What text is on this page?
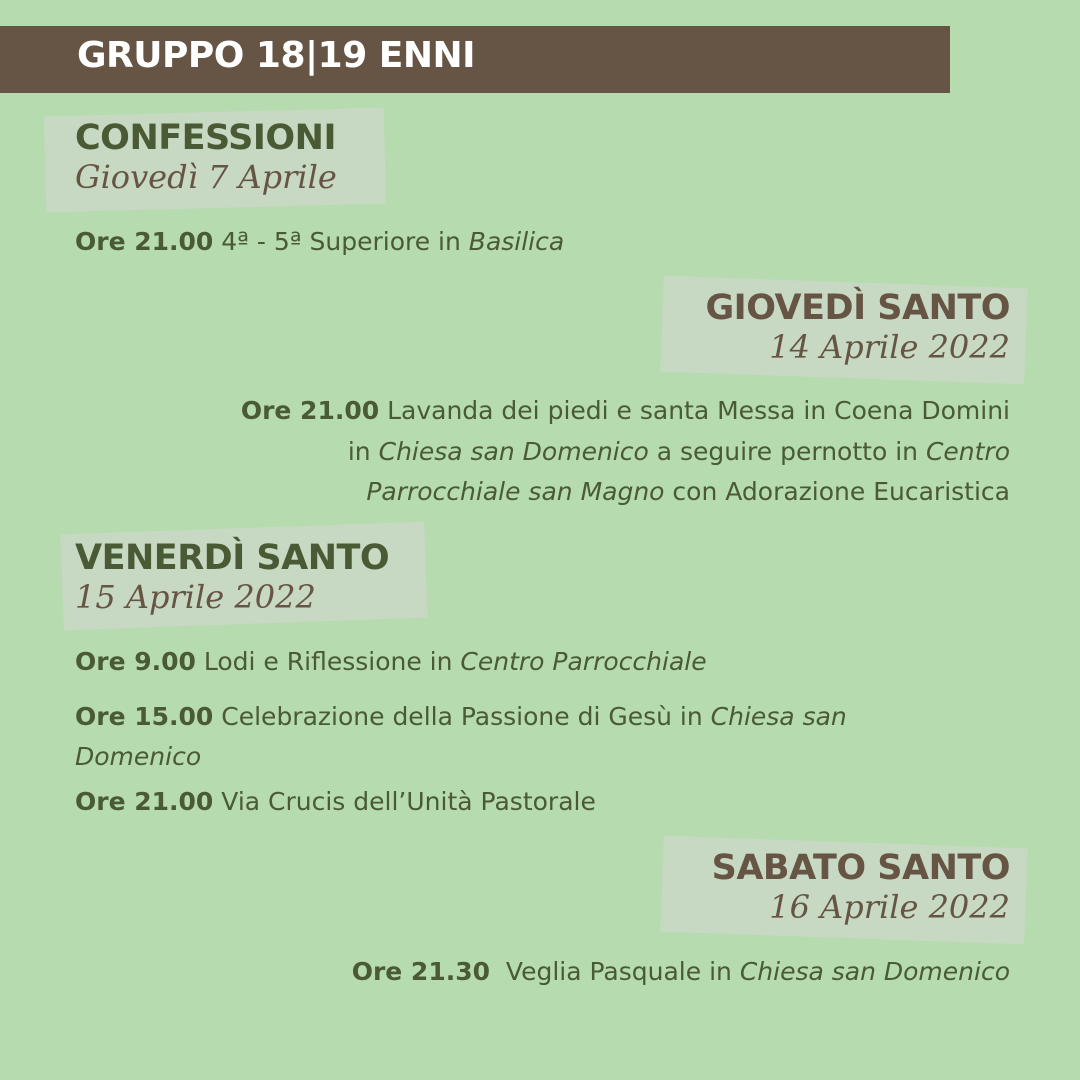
GRUPPO 18|19 ENNI
CONFESSIONI
Giovedì 7 Aprile
Ore 21.00 4ª - 5ª Superiore in Basilica
GIOVEDÌ SANTO
14 Aprile 2022
Ore 21.00 Lavanda dei piedi e santa Messa in Coena Domini
in Chiesa san Domenico a seguire pernotto in Centro
Parrocchiale san Magno con Adorazione Eucaristica
VENERDÌ SANTO
15 Aprile 2022
Ore 9.00 Lodi e Riflessione in Centro Parrocchiale
Ore 15.00 Celebrazione della Passione di Gesù in Chiesa san
Domenico
Ore 21.00 Via Crucis dell’Unità Pastorale
SABATO SANTO
16 Aprile 2022
Ore 21.30  Veglia Pasquale in Chiesa san Domenico
